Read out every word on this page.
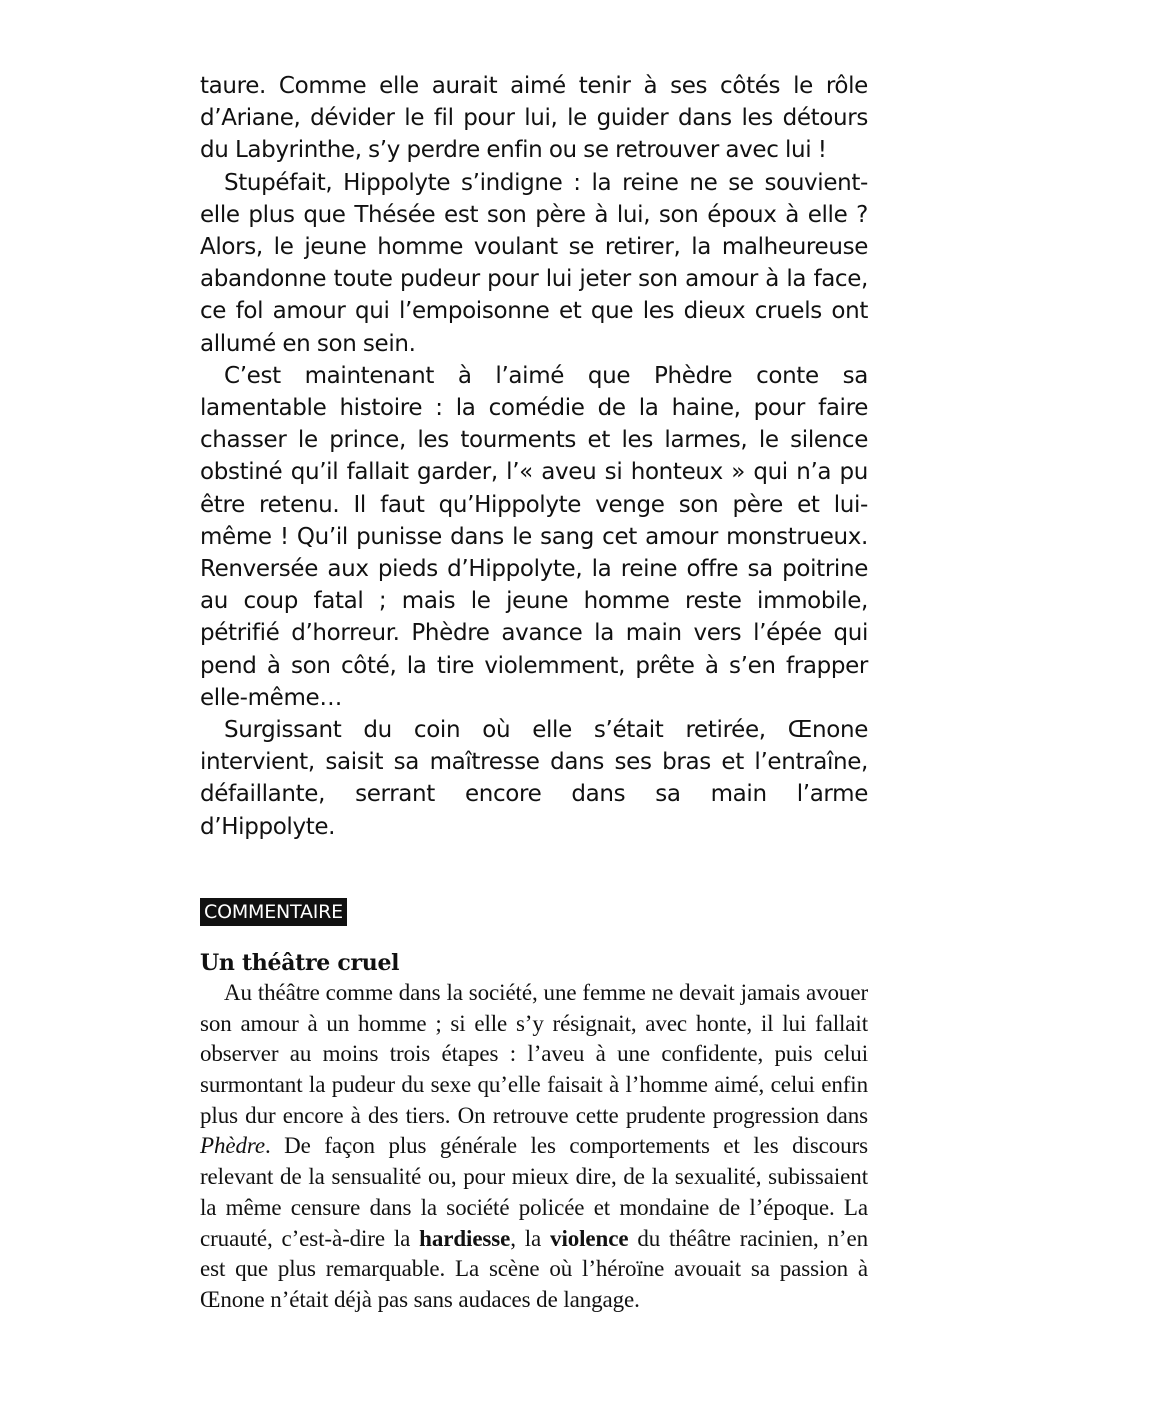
taure. Comme elle aurait aimé tenir à ses côtés le rôle d’Ariane, dévider le fil pour lui, le guider dans les détours du Labyrinthe, s’y perdre enfin ou se retrouver avec lui !

Stupéfait, Hippolyte s’indigne : la reine ne se souvient-elle plus que Thésée est son père à lui, son époux à elle ? Alors, le jeune homme voulant se retirer, la malheureuse abandonne toute pudeur pour lui jeter son amour à la face, ce fol amour qui l’empoisonne et que les dieux cruels ont allumé en son sein.

C’est maintenant à l’aimé que Phèdre conte sa lamentable histoire : la comédie de la haine, pour faire chasser le prince, les tourments et les larmes, le silence obstiné qu’il fallait garder, l’« aveu si honteux » qui n’a pu être retenu. Il faut qu’Hippolyte venge son père et lui-même ! Qu’il punisse dans le sang cet amour monstrueux. Renversée aux pieds d’Hippolyte, la reine offre sa poitrine au coup fatal ; mais le jeune homme reste immobile, pétrifié d’horreur. Phèdre avance la main vers l’épée qui pend à son côté, la tire violemment, prête à s’en frapper elle-même…

Surgissant du coin où elle s’était retirée, Œnone intervient, saisit sa maîtresse dans ses bras et l’entraîne, défaillante, serrant encore dans sa main l’arme d’Hippolyte.

COMMENTAIRE
Un théâtre cruel

Au théâtre comme dans la société, une femme ne devait jamais avouer son amour à un homme ; si elle s’y résignait, avec honte, il lui fallait observer au moins trois étapes : l’aveu à une confidente, puis celui surmontant la pudeur du sexe qu’elle faisait à l’homme aimé, celui enfin plus dur encore à des tiers. On retrouve cette prudente progression dans Phèdre. De façon plus générale les comportements et les discours relevant de la sensualité ou, pour mieux dire, de la sexualité, subissaient la même censure dans la société policée et mondaine de l’époque. La cruauté, c’est-à-dire la hardiesse, la violence du théâtre racinien, n’en est que plus remarquable. La scène où l’héroïne avouait sa passion à Œnone n’était déjà pas sans audaces de langage.
